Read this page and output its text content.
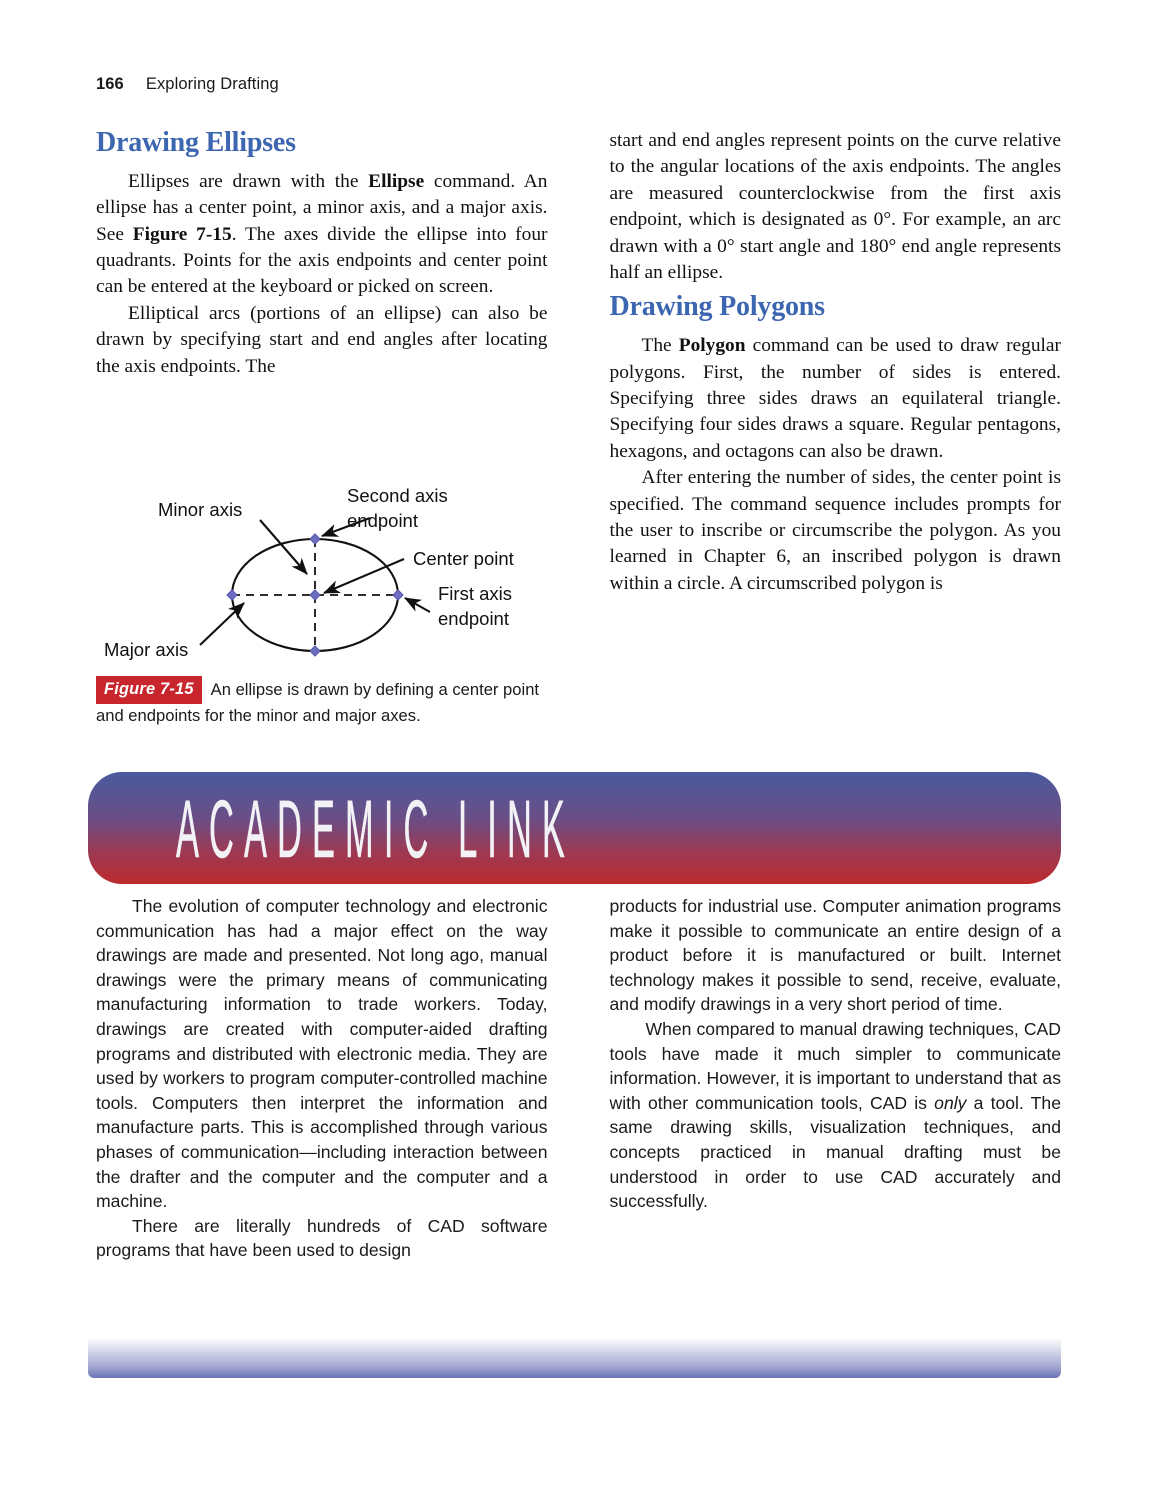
166 Exploring Drafting
Drawing Ellipses

Ellipses are drawn with the Ellipse command. An ellipse has a center point, a minor axis, and a major axis. See Figure 7-15. The axes divide the ellipse into four quadrants. Points for the axis endpoints and center point can be entered at the keyboard or picked on screen.

Elliptical arcs (portions of an ellipse) can also be drawn by specifying start and end angles after locating the axis endpoints. The

start and end angles represent points on the curve relative to the angular locations of the axis endpoints. The angles are measured counterclockwise from the first axis endpoint, which is designated as 0°. For example, an arc drawn with a 0° start angle and 180° end angle represents half an ellipse.

Drawing Polygons

The Polygon command can be used to draw regular polygons. First, the number of sides is entered. Specifying three sides draws an equilateral triangle. Specifying four sides draws a square. Regular pentagons, hexagons, and octagons can also be drawn.

After entering the number of sides, the center point is specified. The command sequence includes prompts for the user to inscribe or circumscribe the polygon. As you learned in Chapter 6, an inscribed polygon is drawn within a circle. A circumscribed polygon is

Minor axis
Major axis
Second axis
endpoint
Center point
First axis
endpoint
Figure 7-15 An ellipse is drawn by defining a center point and endpoints for the minor and major axes.
ACADEMIC LINK

The evolution of computer technology and electronic communication has had a major effect on the way drawings are made and presented. Not long ago, manual drawings were the primary means of communicating manufacturing information to trade workers. Today, drawings are created with computer-aided drafting programs and distributed with electronic media. They are used by workers to program computer-controlled machine tools. Computers then interpret the information and manufacture parts. This is accomplished through various phases of communication—including interaction between the drafter and the computer and the computer and a machine.

There are literally hundreds of CAD software programs that have been used to design

products for industrial use. Computer animation programs make it possible to communicate an entire design of a product before it is manufactured or built. Internet technology makes it possible to send, receive, evaluate, and modify drawings in a very short period of time.

When compared to manual drawing techniques, CAD tools have made it much simpler to communicate information. However, it is important to understand that as with other communication tools, CAD is only a tool. The same drawing skills, visualization techniques, and concepts practiced in manual drafting must be understood in order to use CAD accurately and successfully.
